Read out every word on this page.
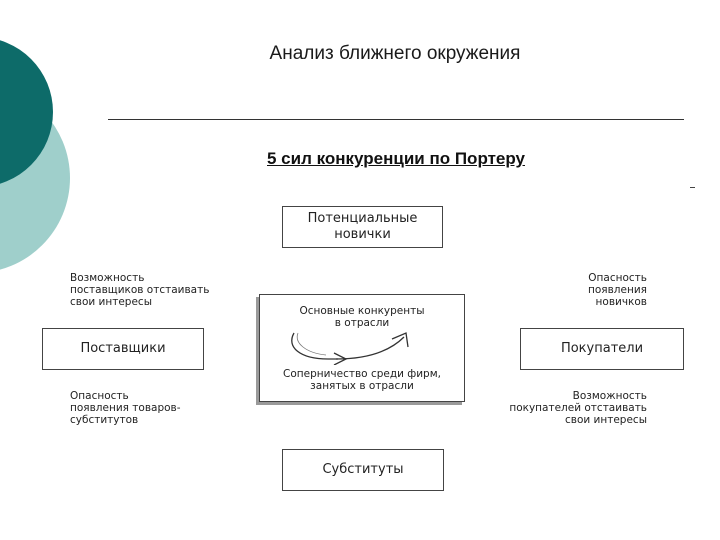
Анализ ближнего окружения
5 сил конкуренции по Портеру
Потенциальные
новички
Поставщики	Покупатели
Субституты
Основные конкуренты
в отрасли
Соперничество среди фирм,
занятых в отрасли
Возможность
поставщиков отстаивать
свои интересы
Опасность
появления
новичков
Опасность
появления товаров-
субститутов
Возможность
покупателей отстаивать
свои интересы
